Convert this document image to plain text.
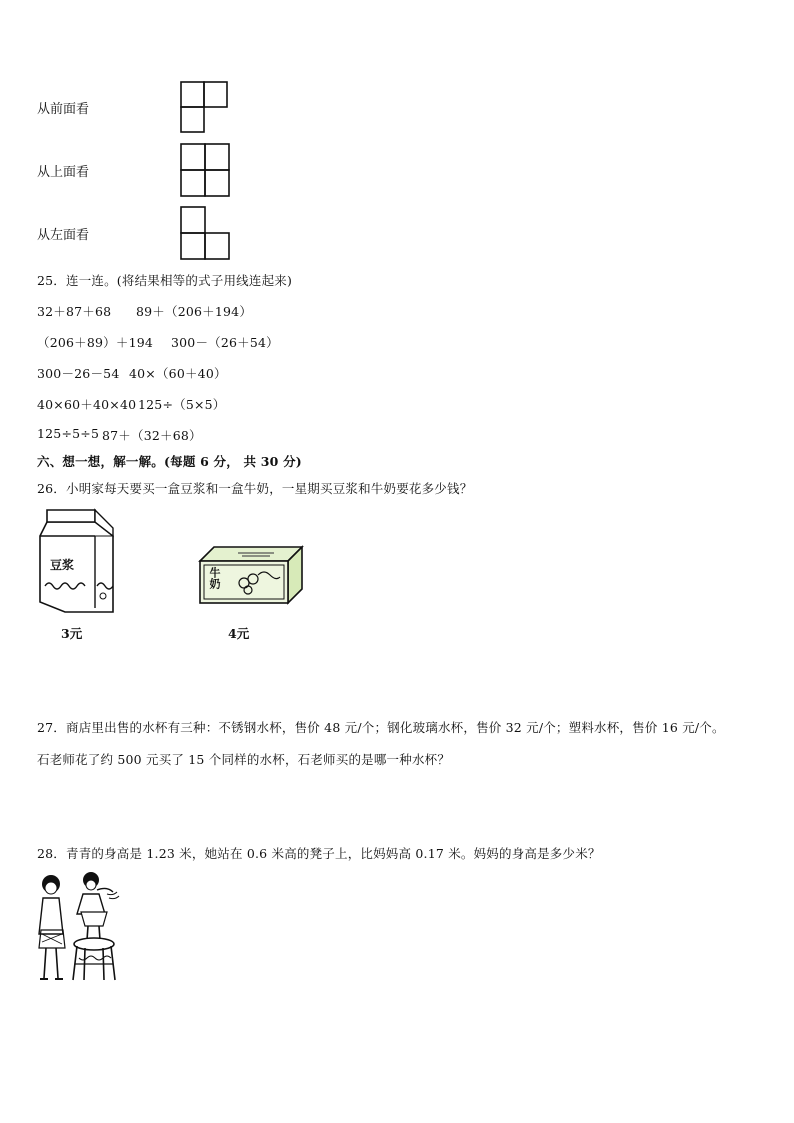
从前面看
从上面看
从左面看
25．连一连。(将结果相等的式子用线连起来)
32＋87＋68 89＋（206＋194）
（206＋89）＋194 300－（26＋54）
300－26－54 40×（60＋40）
40×60＋40×40 125÷（5×5）
125÷5÷5 87＋（32＋68）
六、想一想，解一解。(每题 6 分， 共 30 分)
26．小明家每天要买一盒豆浆和一盒牛奶，一星期买豆浆和牛奶要花多少钱？
豆浆
3元
牛奶
4元
27．商店里出售的水杯有三种：不锈钢水杯，售价 48 元/个；钢化玻璃水杯，售价 32 元/个；塑料水杯，售价 16 元/个。
石老师花了约 500 元买了 15 个同样的水杯，石老师买的是哪一种水杯？
28．青青的身高是 1.23 米，她站在 0.6 米高的凳子上，比妈妈高 0.17 米。妈妈的身高是多少米？
